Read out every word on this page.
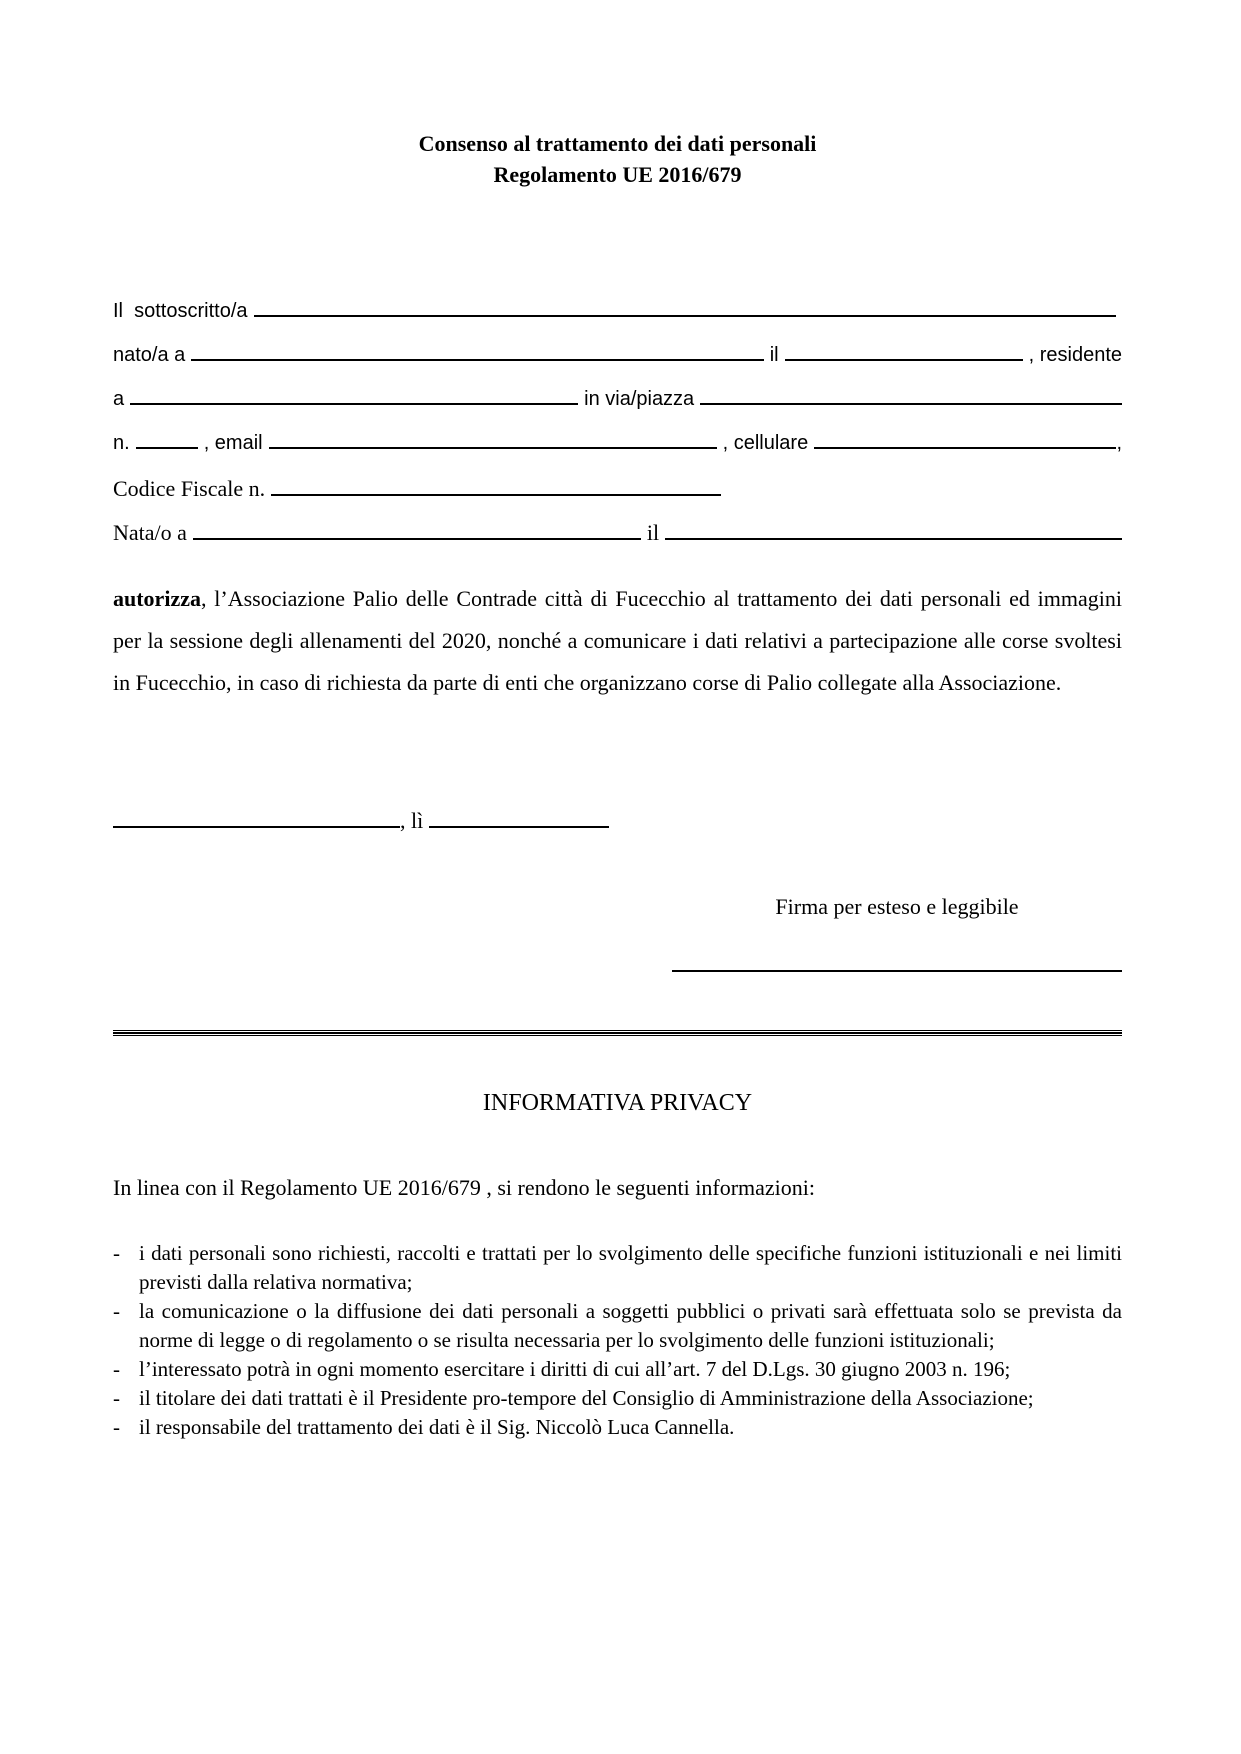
Consenso al trattamento dei dati personali
Regolamento UE 2016/679
Il  sottoscritto/a
nato/a a	il	, residente
a	in via/piazza
n.	, email	, cellulare	,
Codice Fiscale n.
Nata/o a	il

autorizza, l’Associazione Palio delle Contrade città di Fucecchio al trattamento dei dati personali ed immagini per la sessione degli allenamenti del 2020, nonché a comunicare i dati relativi a partecipazione alle corse svoltesi in Fucecchio, in caso di richiesta da parte di enti che organizzano corse di Palio collegate alla Associazione.

, lì
Firma per esteso e leggibile
INFORMATIVA PRIVACY
In linea con il Regolamento UE 2016/679 , si rendono le seguenti informazioni:
- i dati personali sono richiesti, raccolti e trattati per lo svolgimento delle specifiche funzioni istituzionali e nei limiti previsti dalla relativa normativa;
- la comunicazione o la diffusione dei dati personali a soggetti pubblici o privati sarà effettuata solo se prevista da norme di legge o di regolamento o se risulta necessaria per lo svolgimento delle funzioni istituzionali;
- l’interessato potrà in ogni momento esercitare i diritti di cui all’art. 7 del D.Lgs. 30 giugno 2003 n. 196;
- il titolare dei dati trattati è il Presidente pro-tempore del Consiglio di Amministrazione della Associazione;
- il responsabile del trattamento dei dati è il Sig. Niccolò Luca Cannella.
